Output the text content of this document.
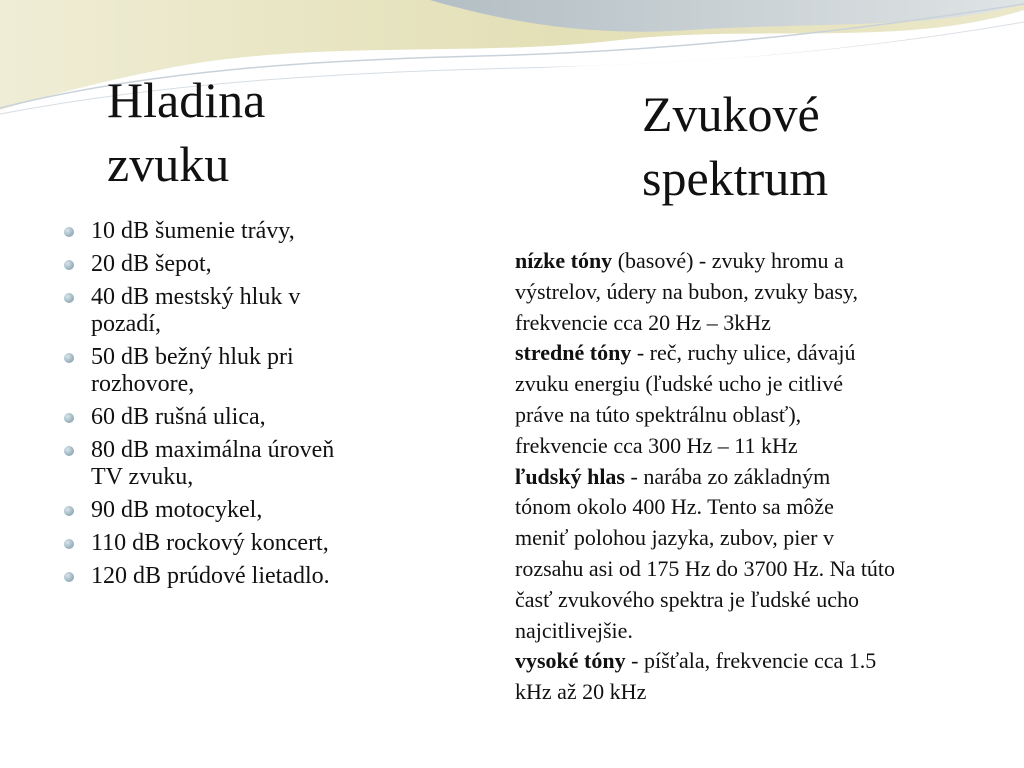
Hladina
zvuku
Zvukové
spektrum
10 dB šumenie trávy,
20 dB šepot,
40 dB mestský hluk v
pozadí,
50 dB bežný hluk pri
rozhovore,
60 dB rušná ulica,
80 dB maximálna úroveň
TV zvuku,
90 dB motocykel,
110 dB rockový koncert,
120 dB prúdové lietadlo.

nízke tóny (basové) - zvuky hromu a
výstrelov, údery na bubon, zvuky basy,
frekvencie cca 20 Hz – 3kHz

stredné tóny - reč, ruchy ulice, dávajú
zvuku energiu (ľudské ucho je citlivé
práve na túto spektrálnu oblasť),
frekvencie cca 300 Hz – 11 kHz

ľudský hlas - narába zo základným
tónom okolo 400 Hz. Tento sa môže
meniť polohou jazyka, zubov, pier v
rozsahu asi od 175 Hz do 3700 Hz. Na túto
časť zvukového spektra je ľudské ucho
najcitlivejšie.

vysoké tóny - píšťala, frekvencie cca 1.5
kHz až 20 kHz
